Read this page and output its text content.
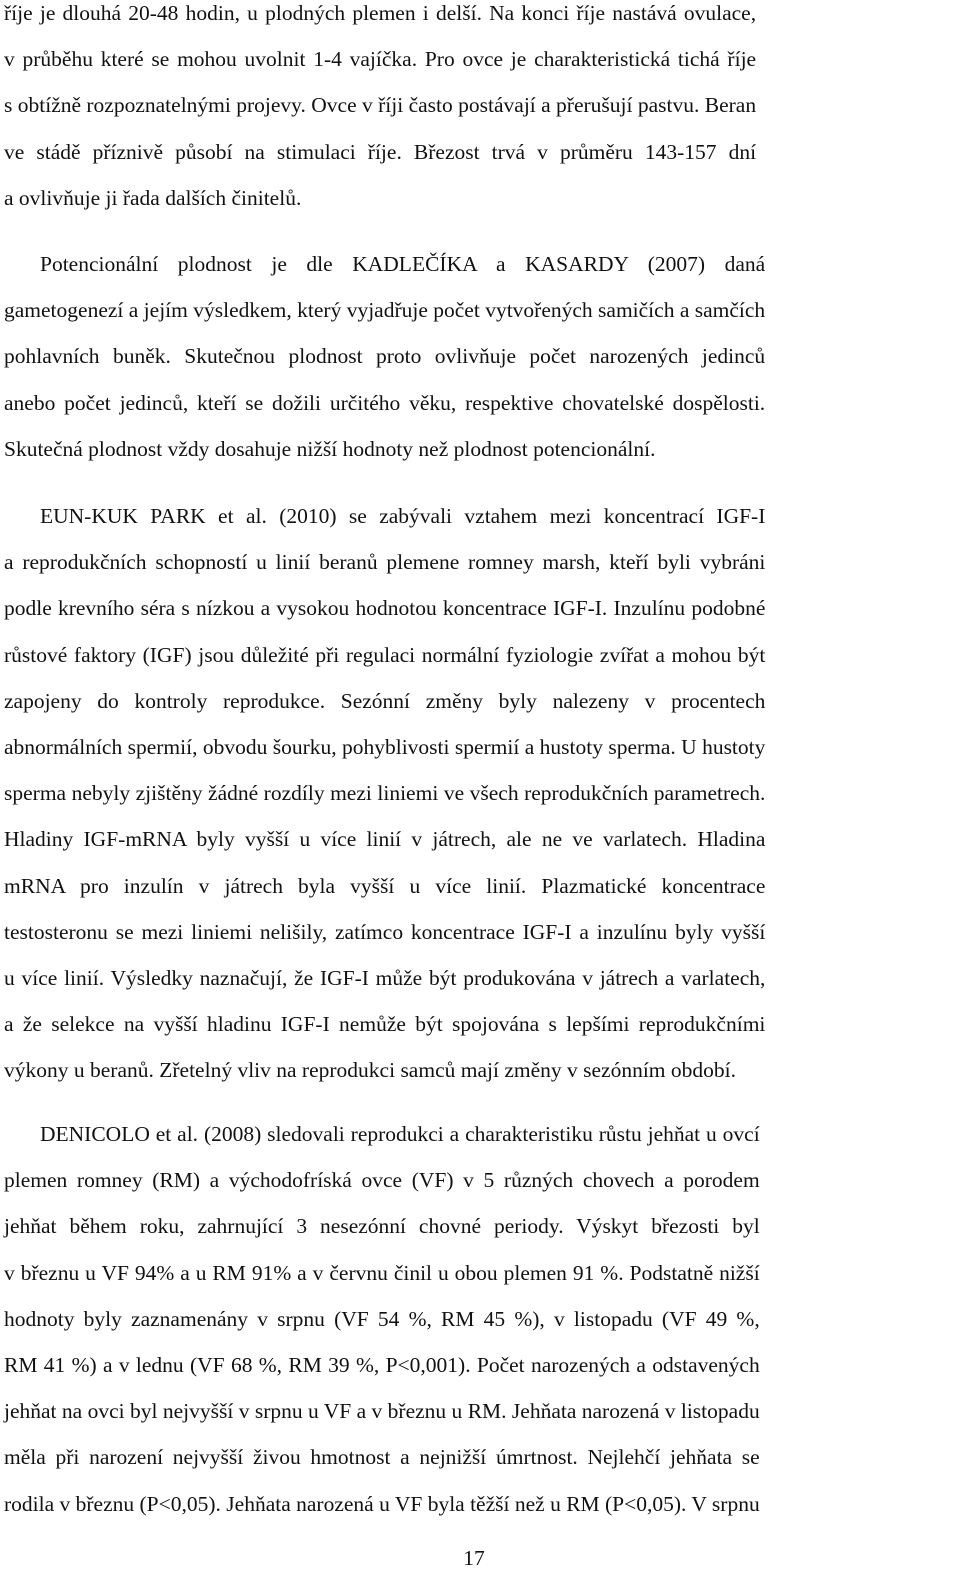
říje je dlouhá 20-48 hodin, u plodných plemen i delší. Na konci říje nastává ovulace,
v průběhu které se mohou uvolnit 1-4 vajíčka. Pro ovce je charakteristická tichá říje
s obtížně rozpoznatelnými projevy. Ovce v říji často postávají a přerušují pastvu. Beran
ve stádě příznivě působí na stimulaci říje. Březost trvá v průměru 143-157 dní
a ovlivňuje ji řada dalších činitelů.

Potencionální plodnost je dle KADLEČÍKA a KASARDY (2007) daná
gametogenezí a jejím výsledkem, který vyjadřuje počet vytvořených samičích a samčích
pohlavních buněk. Skutečnou plodnost proto ovlivňuje počet narozených jedinců
anebo počet jedinců, kteří se dožili určitého věku, respektive chovatelské dospělosti.
Skutečná plodnost vždy dosahuje nižší hodnoty než plodnost potencionální.

EUN-KUK PARK et al. (2010) se zabývali vztahem mezi koncentrací IGF-I
a reprodukčních schopností u linií beranů plemene romney marsh, kteří byli vybráni
podle krevního séra s nízkou a vysokou hodnotou koncentrace IGF-I. Inzulínu podobné
růstové faktory (IGF) jsou důležité při regulaci normální fyziologie zvířat a mohou být
zapojeny do kontroly reprodukce. Sezónní změny byly nalezeny v procentech
abnormálních spermií, obvodu šourku, pohyblivosti spermií a hustoty sperma. U hustoty
sperma nebyly zjištěny žádné rozdíly mezi liniemi ve všech reprodukčních parametrech.
Hladiny IGF-mRNA byly vyšší u více linií v játrech, ale ne ve varlatech. Hladina
mRNA pro inzulín v játrech byla vyšší u více linií. Plazmatické koncentrace
testosteronu se mezi liniemi nelišily, zatímco koncentrace IGF-I a inzulínu byly vyšší
u více linií. Výsledky naznačují, že IGF-I může být produkována v játrech a varlatech,
a že selekce na vyšší hladinu IGF-I nemůže být spojována s lepšími reprodukčními
výkony u beranů. Zřetelný vliv na reprodukci samců mají změny v sezónním období.

DENICOLO et al. (2008) sledovali reprodukci a charakteristiku růstu jehňat u ovcí
plemen romney (RM) a východofríská ovce (VF) v 5 různých chovech a porodem
jehňat během roku, zahrnující 3 nesezónní chovné periody. Výskyt březosti byl
v březnu u VF 94% a u RM 91% a v červnu činil u obou plemen 91 %. Podstatně nižší
hodnoty byly zaznamenány v srpnu (VF 54 %, RM 45 %), v listopadu (VF 49 %,
RM 41 %) a v lednu (VF 68 %, RM 39 %, P<0,001). Počet narozených a odstavených
jehňat na ovci byl nejvyšší v srpnu u VF a v březnu u RM. Jehňata narozená v listopadu
měla při narození nejvyšší živou hmotnost a nejnižší úmrtnost. Nejlehčí jehňata se
rodila v březnu (P<0,05). Jehňata narozená u VF byla těžší než u RM (P<0,05). V srpnu

17
